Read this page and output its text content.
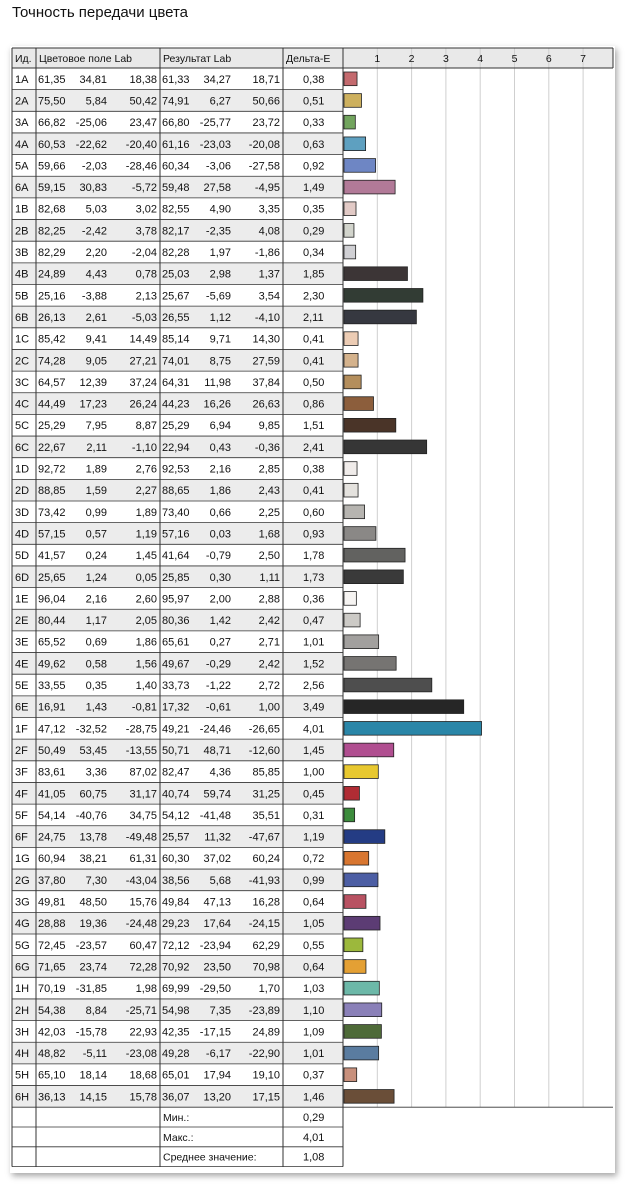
Точность передачи цвета
1	2	3	4	5	6	7
Ид. Цветовое поле Lab	Результат Lab	Дельта-E
1A 61,35 34,81 18,38 61,33 34,27 18,71 0,38
2A 75,50 5,84 50,42 74,91 6,27 50,66 0,51
3A 66,82 -25,06 23,47 66,80 -25,77 23,72 0,33
4A 60,53 -22,62 -20,40 61,16 -23,03 -20,08 0,63
5A 59,66 -2,03 -28,46 60,34 -3,06 -27,58 0,92
6A 59,15 30,83 -5,72 59,48 27,58 -4,95 1,49
1B 82,68 5,03	3,02 82,55 4,90	3,35 0,35
2B 82,25 -2,42	3,78 82,17 -2,35	4,08 0,29
3B 82,29 2,20 -2,04 82,28 1,97 -1,86 0,34
4B 24,89 4,43	0,78 25,03 2,98	1,37 1,85
5B 25,16 -3,88	2,13 25,67 -5,69	3,54 2,30
6B 26,13 2,61 -5,03 26,55 1,12 -4,10 2,11
1C 85,42 9,41 14,49 85,14 9,71 14,30 0,41
2C 74,28 9,05 27,21 74,01 8,75 27,59 0,41
3C 64,57 12,39 37,24 64,31 11,98 37,84 0,50
4C 44,49 17,23 26,24 44,23 16,26 26,63 0,86
5C 25,29 7,95	8,87 25,29 6,94	9,85 1,51
6C 22,67 2,11 -1,10 22,94 0,43 -0,36 2,41
1D 92,72 1,89	2,76 92,53 2,16	2,85 0,38
2D 88,85 1,59	2,27 88,65 1,86	2,43 0,41
3D 73,42 0,99	1,89 73,40 0,66	2,25 0,60
4D 57,15 0,57	1,19 57,16 0,03	1,68 0,93
5D 41,57 0,24	1,45 41,64 -0,79	2,50 1,78
6D 25,65 1,24	0,05 25,85 0,30	1,11 1,73
1E 96,04 2,16	2,60 95,97 2,00	2,88 0,36
2E 80,44 1,17	2,05 80,36 1,42	2,42 0,47
3E 65,52 0,69	1,86 65,61 0,27	2,71 1,01
4E 49,62 0,58	1,56 49,67 -0,29	2,42 1,52
5E 33,55 0,35	1,40 33,73 -1,22	2,72 2,56
6E 16,91 1,43 -0,81 17,32 -0,61	1,00 3,49
1F 47,12 -32,52 -28,75 49,21 -24,46 -26,65 4,01
2F 50,49 53,45 -13,55 50,71 48,71 -12,60 1,45
3F 83,61 3,36 87,02 82,47 4,36 85,85 1,00
4F 41,05 60,75 31,17 40,74 59,74 31,25 0,45
5F 54,14 -40,76 34,75 54,12 -41,48 35,51 0,31
6F 24,75 13,78 -49,48 25,57 11,32 -47,67 1,19
1G 60,94 38,21 61,31 60,30 37,02 60,24 0,72
2G 37,80 7,30 -43,04 38,56 5,68 -41,93 0,99
3G 49,81 48,50 15,76 49,84 47,13 16,28 0,64
4G 28,88 19,36 -24,48 29,23 17,64 -24,15 1,05
5G 72,45 -23,57 60,47 72,12 -23,94 62,29 0,55
6G 71,65 23,74 72,28 70,92 23,50 70,98 0,64
1H 70,19 -31,85	1,98 69,99 -29,50	1,70 1,03
2H 54,38 8,84 -25,71 54,98 7,35 -23,89 1,10
3H 42,03 -15,78 22,93 42,35 -17,15 24,89 1,09
4H 48,82 -5,11 -23,08 49,28 -6,17 -22,90 1,01
5H 65,10 18,14 18,68 65,01 17,94 19,10 0,37
6H 36,13 14,15 15,78 36,07 13,20 17,15 1,46
Мин.:	0,29
Макс.:	4,01
Среднее значение:	1,08
